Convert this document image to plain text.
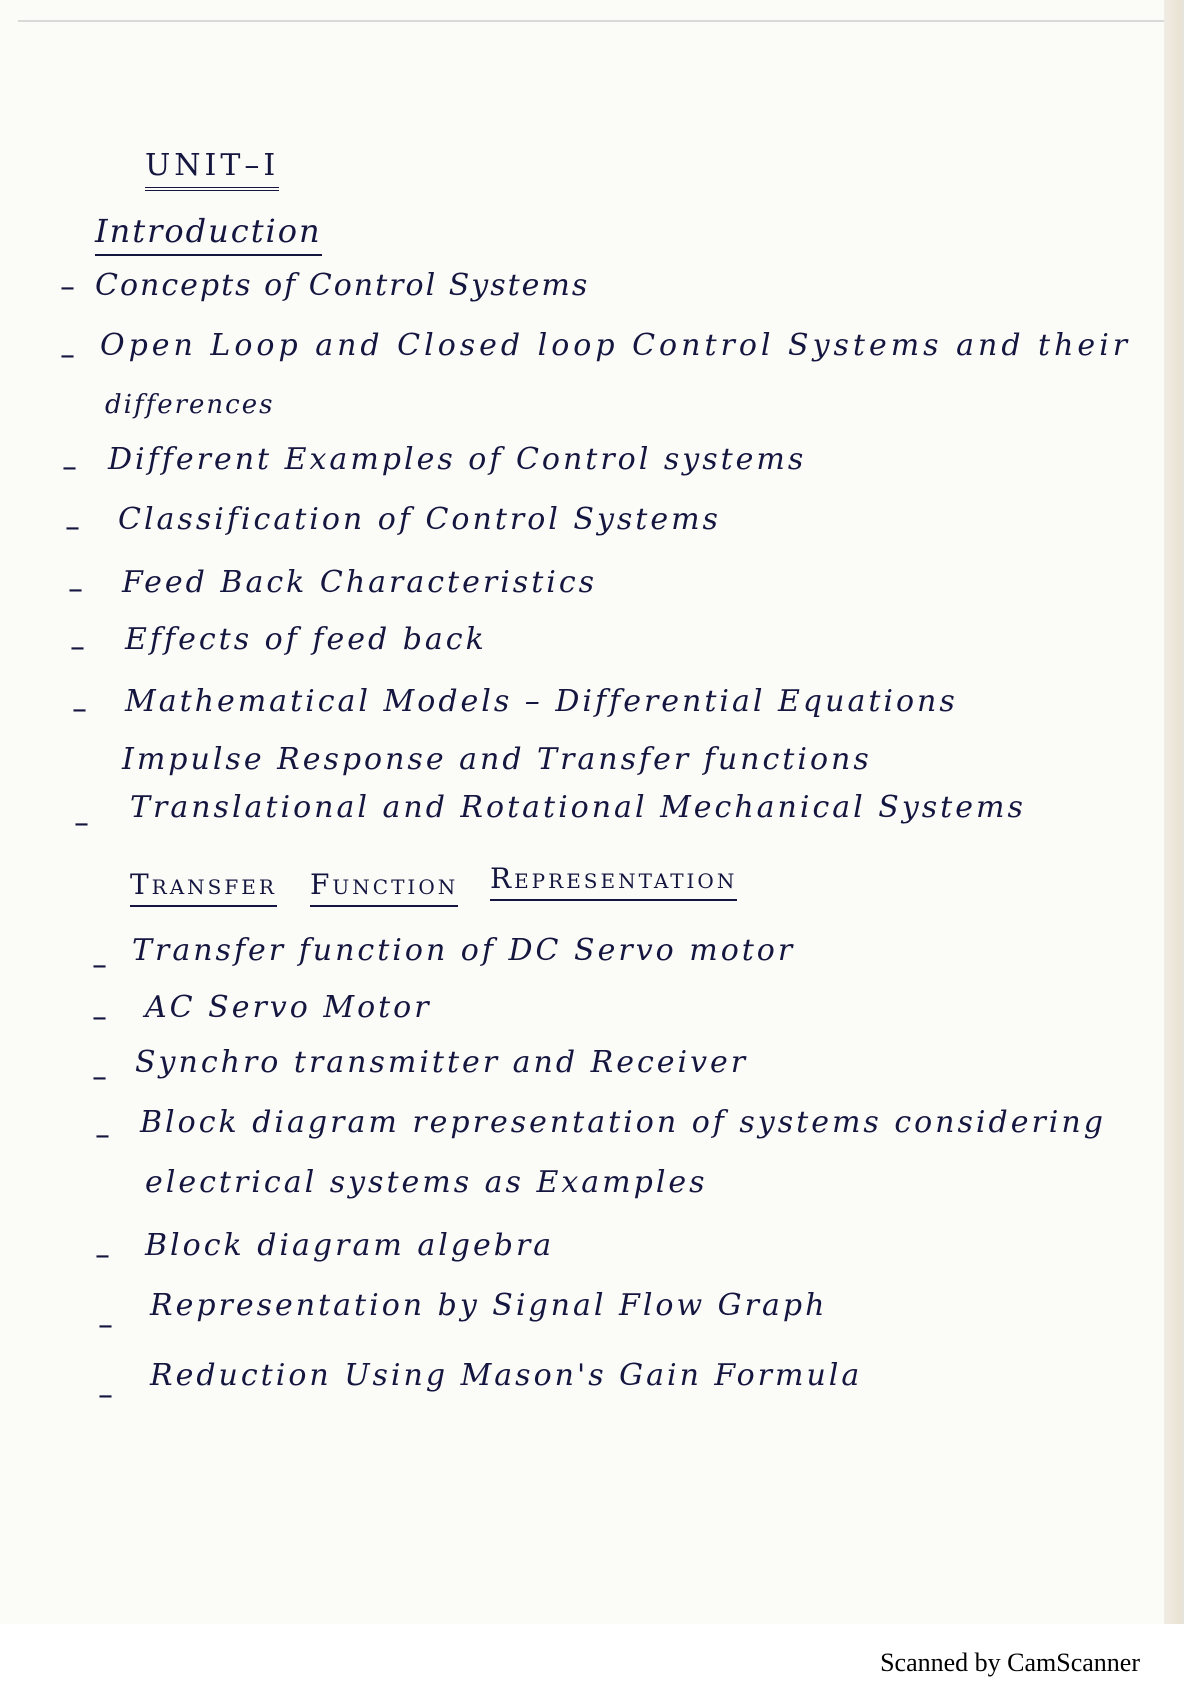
UNIT–I
Introduction
– Concepts of Control Systems
– Open Loop and Closed loop Control Systems and their
differences
– Different Examples of Control systems
– Classification of Control Systems
– Feed Back Characteristics
– Effects of feed back
– Mathematical Models – Differential Equations
Impulse Response and Transfer functions
– Translational and Rotational Mechanical Systems
Transfer Function Representation
– Transfer function of DC Servo motor
– AC Servo Motor
– Synchro transmitter and Receiver
– Block diagram representation of systems considering
electrical systems as Examples
– Block diagram algebra
–
Representation by Signal Flow Graph
–
Reduction Using Mason's Gain Formula
Scanned by CamScanner
